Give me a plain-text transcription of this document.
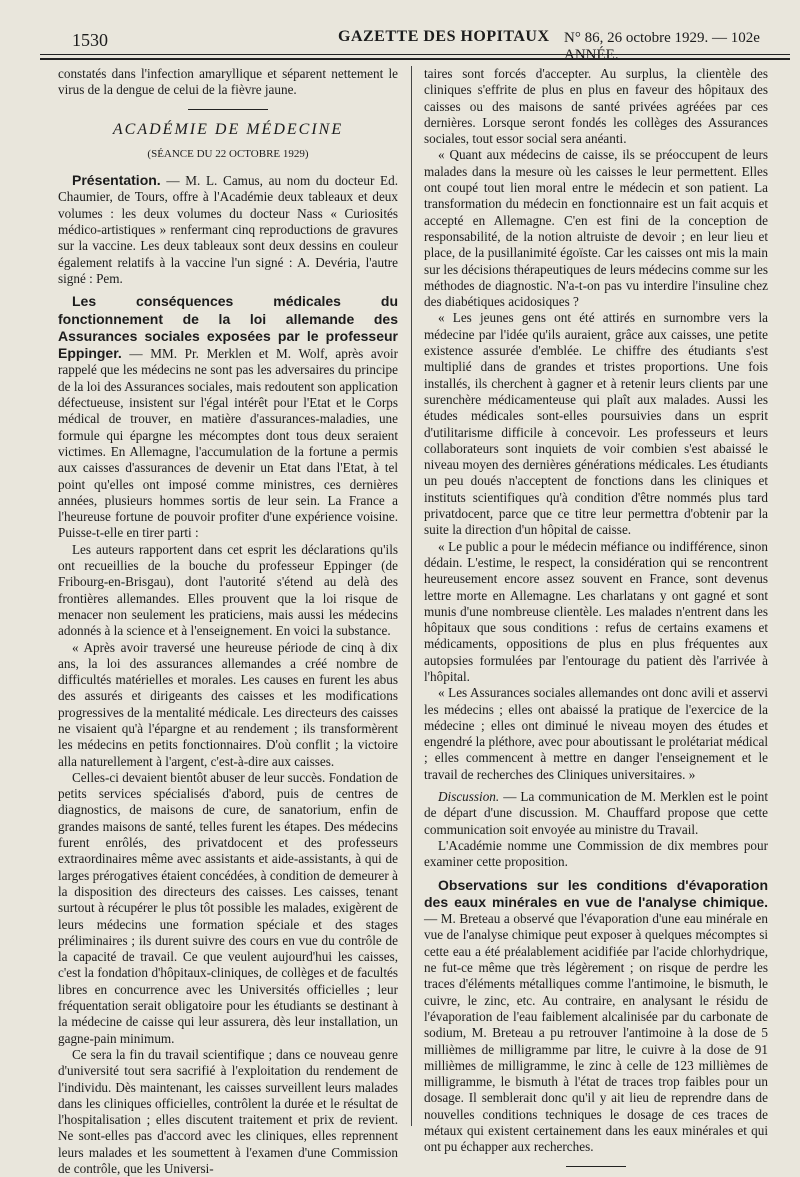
1530	GAZETTE DES HOPITAUX N° 86, 26 octobre 1929. — 102e ANNÉE.

constatés dans l'infection amaryllique et séparent nettement le virus de la dengue de celui de la fièvre jaune.

ACADÉMIE DE MÉDECINE
(SÉANCE DU 22 OCTOBRE 1929)

Présentation. — M. L. Camus, au nom du docteur Ed. Chaumier, de Tours, offre à l'Académie deux tableaux et deux volumes : les deux volumes du docteur Nass « Curiosités médico-artistiques » renfermant cinq reproductions de gravures sur la vaccine. Les deux tableaux sont deux dessins en couleur également relatifs à la vaccine l'un signé : A. Devéria, l'autre signé : Pem.

Les conséquences médicales du fonctionnement de la loi allemande des Assurances sociales exposées par le professeur Eppinger. — MM. Pr. Merklen et M. Wolf, après avoir rappelé que les médecins ne sont pas les adversaires du principe de la loi des Assurances sociales, mais redoutent son application défectueuse, insistent sur l'égal intérêt pour l'Etat et le Corps médical de trouver, en matière d'assurances-maladies, une formule qui épargne les mécomptes dont tous deux seraient victimes. En Allemagne, l'accumulation de la fortune a permis aux caisses d'assurances de devenir un Etat dans l'Etat, à tel point qu'elles ont imposé comme ministres, ces dernières années, plusieurs hommes sortis de leur sein. La France a l'heureuse fortune de pouvoir profiter d'une expérience voisine. Puisse-t-elle en tirer parti :

Les auteurs rapportent dans cet esprit les déclarations qu'ils ont recueillies de la bouche du professeur Eppinger (de Fribourg-en-Brisgau), dont l'autorité s'étend au delà des frontières allemandes. Elles prouvent que la loi risque de menacer non seulement les praticiens, mais aussi les médecins adonnés à la science et à l'enseignement. En voici la substance.

« Après avoir traversé une heureuse période de cinq à dix ans, la loi des assurances allemandes a créé nombre de difficultés matérielles et morales. Les causes en furent les abus des assurés et dirigeants des caisses et les modifications progressives de la mentalité médicale. Les directeurs des caisses ne visaient qu'à l'épargne et au rendement ; ils transformèrent les médecins en petits fonctionnaires. D'où conflit ; la victoire alla naturellement à l'argent, c'est-à-dire aux caisses.

Celles-ci devaient bientôt abuser de leur succès. Fondation de petits services spécialisés d'abord, puis de centres de diagnostics, de maisons de cure, de sanatorium, enfin de grandes maisons de santé, telles furent les étapes. Des médecins furent enrôlés, des privatdocent et des professeurs extraordinaires même avec assistants et aide-assistants, à qui de larges prérogatives étaient concédées, à condition de demeurer à la disposition des directeurs des caisses. Les caisses, tenant surtout à récupérer le plus tôt possible les malades, exigèrent de leurs médecins une formation spéciale et des stages préliminaires ; ils durent suivre des cours en vue du contrôle de la capacité de travail. Ce que veulent aujourd'hui les caisses, c'est la fondation d'hôpitaux-cliniques, de collèges et de facultés libres en concurrence avec les Universités officielles ; leur fréquentation serait obligatoire pour les étudiants se destinant à la médecine de caisse qui leur assurera, dès leur installation, un gagne-pain minimum.

Ce sera la fin du travail scientifique ; dans ce nouveau genre d'université tout sera sacrifié à l'exploitation du rendement de l'individu. Dès maintenant, les caisses surveillent leurs malades dans les cliniques officielles, contrôlent la durée et le résultat de l'hospitalisation ; elles discutent traitement et prix de revient. Ne sont-elles pas d'accord avec les cliniques, elles reprennent leurs malades et les soumettent à l'examen d'une Commission de contrôle, que les Universi-

taires sont forcés d'accepter. Au surplus, la clientèle des cliniques s'effrite de plus en plus en faveur des hôpitaux des caisses ou des maisons de santé privées agréées par ces dernières. Lorsque seront fondés les collèges des Assurances sociales, tout essor social sera anéanti.

« Quant aux médecins de caisse, ils se préoccupent de leurs malades dans la mesure où les caisses le leur permettent. Elles ont coupé tout lien moral entre le médecin et son patient. La transformation du médecin en fonctionnaire est un fait acquis et accepté en Allemagne. C'en est fini de la conception de responsabilité, de la notion altruiste de devoir ; en leur lieu et place, de la pusillanimité égoïste. Car les caisses ont mis la main sur les décisions thérapeutiques de leurs médecins comme sur les méthodes de diagnostic. N'a-t-on pas vu interdire l'insuline chez des diabétiques acidosiques ?

« Les jeunes gens ont été attirés en surnombre vers la médecine par l'idée qu'ils auraient, grâce aux caisses, une petite existence assurée d'emblée. Le chiffre des étudiants s'est multiplié dans de grandes et tristes proportions. Une fois installés, ils cherchent à gagner et à retenir leurs clients par une surenchère médicamenteuse qui plaît aux malades. Aussi les études médicales sont-elles poursuivies dans un esprit d'utilitarisme difficile à concevoir. Les professeurs et leurs collaborateurs sont inquiets de voir combien s'est abaissé le niveau moyen des dernières générations médicales. Les étudiants un peu doués n'acceptent de fonctions dans les cliniques et instituts scientifiques qu'à condition d'être nommés plus tard privatdocent, parce que ce titre leur permettra d'obtenir par la suite la direction d'un hôpital de caisse.

« Le public a pour le médecin méfiance ou indifférence, sinon dédain. L'estime, le respect, la considération qui se rencontrent heureusement encore assez souvent en France, sont devenus lettre morte en Allemagne. Les charlatans y ont gagné et sont munis d'une nombreuse clientèle. Les malades n'entrent dans les hôpitaux que sous conditions : refus de certains examens et médicaments, oppositions de plus en plus fréquentes aux autopsies formulées par l'entourage du patient dès l'arrivée à l'hôpital.

« Les Assurances sociales allemandes ont donc avili et asservi les médecins ; elles ont abaissé la pratique de l'exercice de la médecine ; elles ont diminué le niveau moyen des études et engendré la pléthore, avec pour aboutissant le prolétariat médical ; elles commencent à mettre en danger l'enseignement et le travail de recherches des Cliniques universitaires. »

Discussion. — La communication de M. Merklen est le point de départ d'une discussion. M. Chauffard propose que cette communication soit envoyée au ministre du Travail.

L'Académie nomme une Commission de dix membres pour examiner cette proposition.

Observations sur les conditions d'évaporation des eaux minérales en vue de l'analyse chimique. — M. Breteau a observé que l'évaporation d'une eau minérale en vue de l'analyse chimique peut exposer à quelques mécomptes si cette eau a été préalablement acidifiée par l'acide chlorhydrique, ne fut-ce même que très légèrement ; on risque de perdre les traces d'éléments métalliques comme l'antimoine, le bismuth, le cuivre, le zinc, etc. Au contraire, en analysant le résidu de l'évaporation de l'eau faiblement alcalinisée par du carbonate de sodium, M. Breteau a pu retrouver l'antimoine à la dose de 5 millièmes de milligramme par litre, le cuivre à la dose de 91 millièmes de milligramme, le zinc à celle de 123 millièmes de milligramme, le bismuth à l'état de traces trop faibles pour un dosage. Il semblerait donc qu'il y ait lieu de reprendre dans de nouvelles conditions techniques le dosage de ces traces de métaux qui existent certainement dans les eaux minérales et qui ont pu échapper aux recherches.
